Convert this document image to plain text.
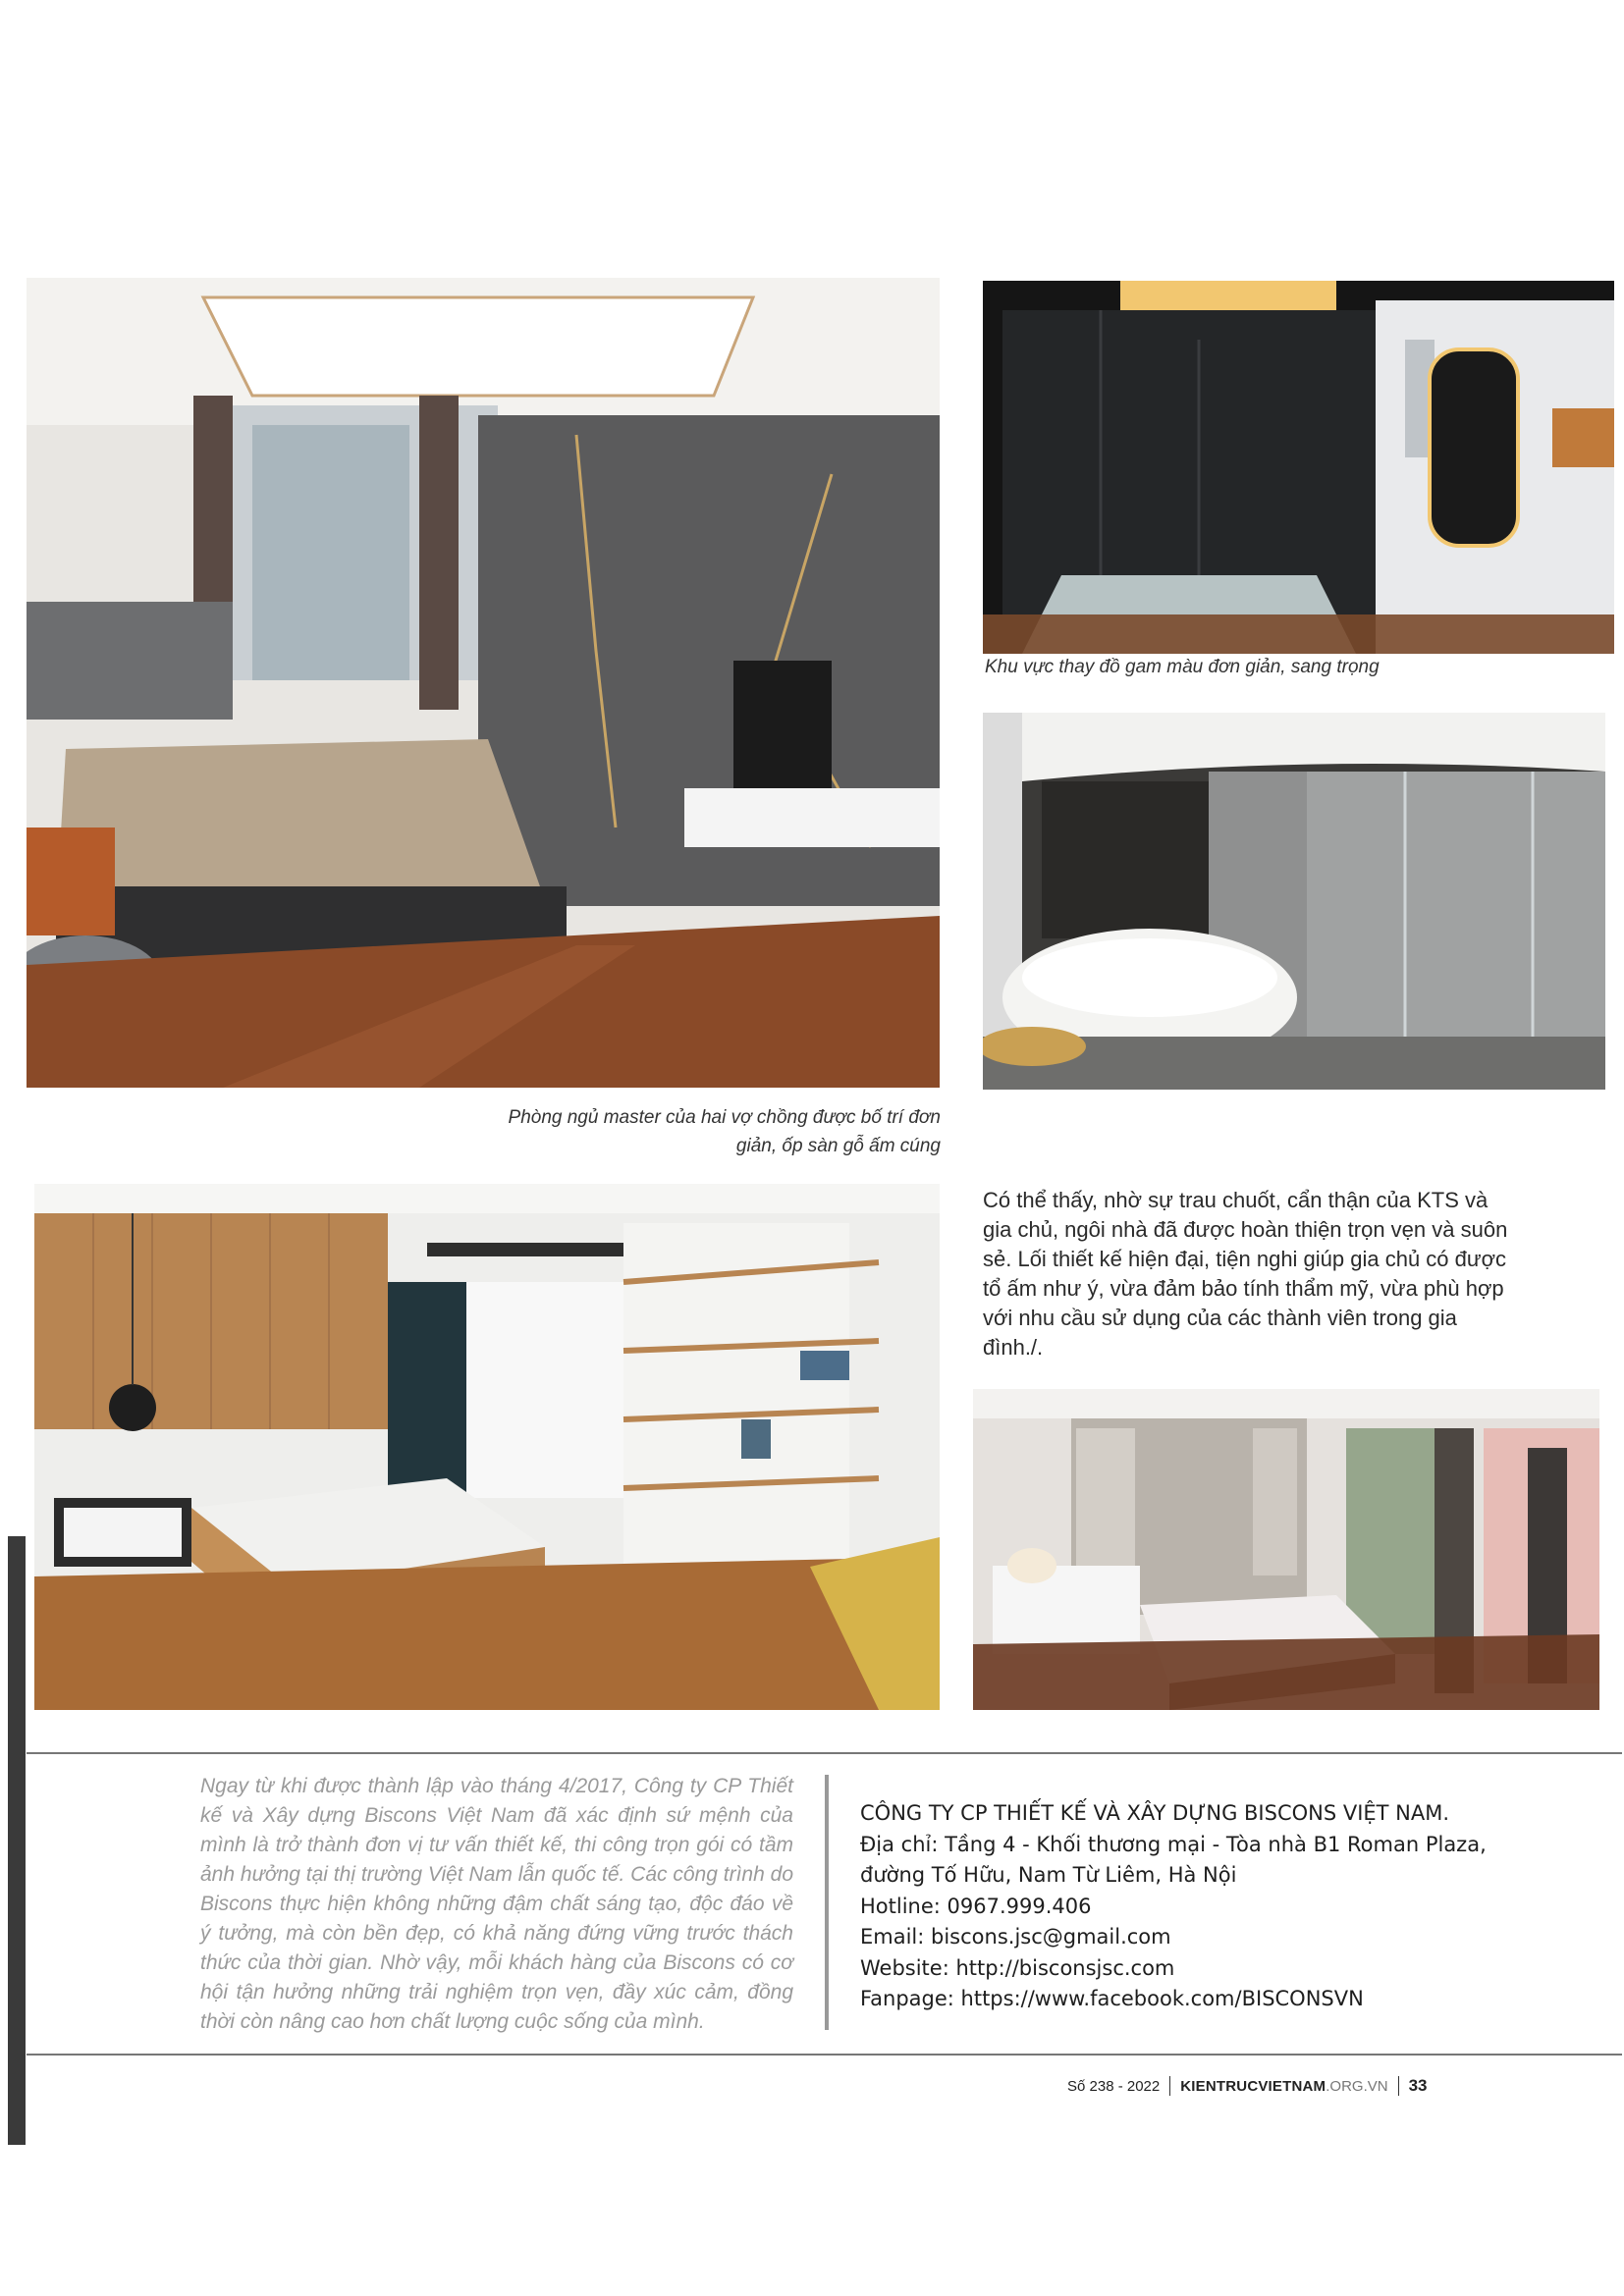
Khu vực thay đồ gam màu đơn giản, sang trọng
Phòng ngủ master của hai vợ chồng được bố trí đơn giản, ốp sàn gỗ ấm cúng
Có thể thấy, nhờ sự trau chuốt, cẩn thận của KTS và gia chủ, ngôi nhà đã được hoàn thiện trọn vẹn và suôn sẻ. Lối thiết kế hiện đại, tiện nghi giúp gia chủ có được tổ ấm như ý, vừa đảm bảo tính thẩm mỹ, vừa phù hợp với nhu cầu sử dụng của các thành viên trong gia đình./.
Ngay từ khi được thành lập vào tháng 4/2017, Công ty CP Thiết kế và Xây dựng Biscons Việt Nam đã xác định sứ mệnh của mình là trở thành đơn vị tư vấn thiết kế, thi công trọn gói có tầm ảnh hưởng tại thị trường Việt Nam lẫn quốc tế. Các công trình do Biscons thực hiện không những đậm chất sáng tạo, độc đáo về ý tưởng, mà còn bền đẹp, có khả năng đứng vững trước thách thức của thời gian. Nhờ vậy, mỗi khách hàng của Biscons có cơ hội tận hưởng những trải nghiệm trọn vẹn, đầy xúc cảm, đồng thời còn nâng cao hơn chất lượng cuộc sống của mình.
CÔNG TY CP THIẾT KẾ VÀ XÂY DỰNG BISCONS VIỆT NAM.
Địa chỉ: Tầng 4 - Khối thương mại - Tòa nhà B1 Roman Plaza,
đường Tố Hữu, Nam Từ Liêm, Hà Nội
Hotline: 0967.999.406
Email: biscons.jsc@gmail.com
Website: http://bisconsjsc.com
Fanpage: https://www.facebook.com/BISCONSVN
Số 238 - 2022 KIENTRUCVIETNAM .ORG.VN 33
